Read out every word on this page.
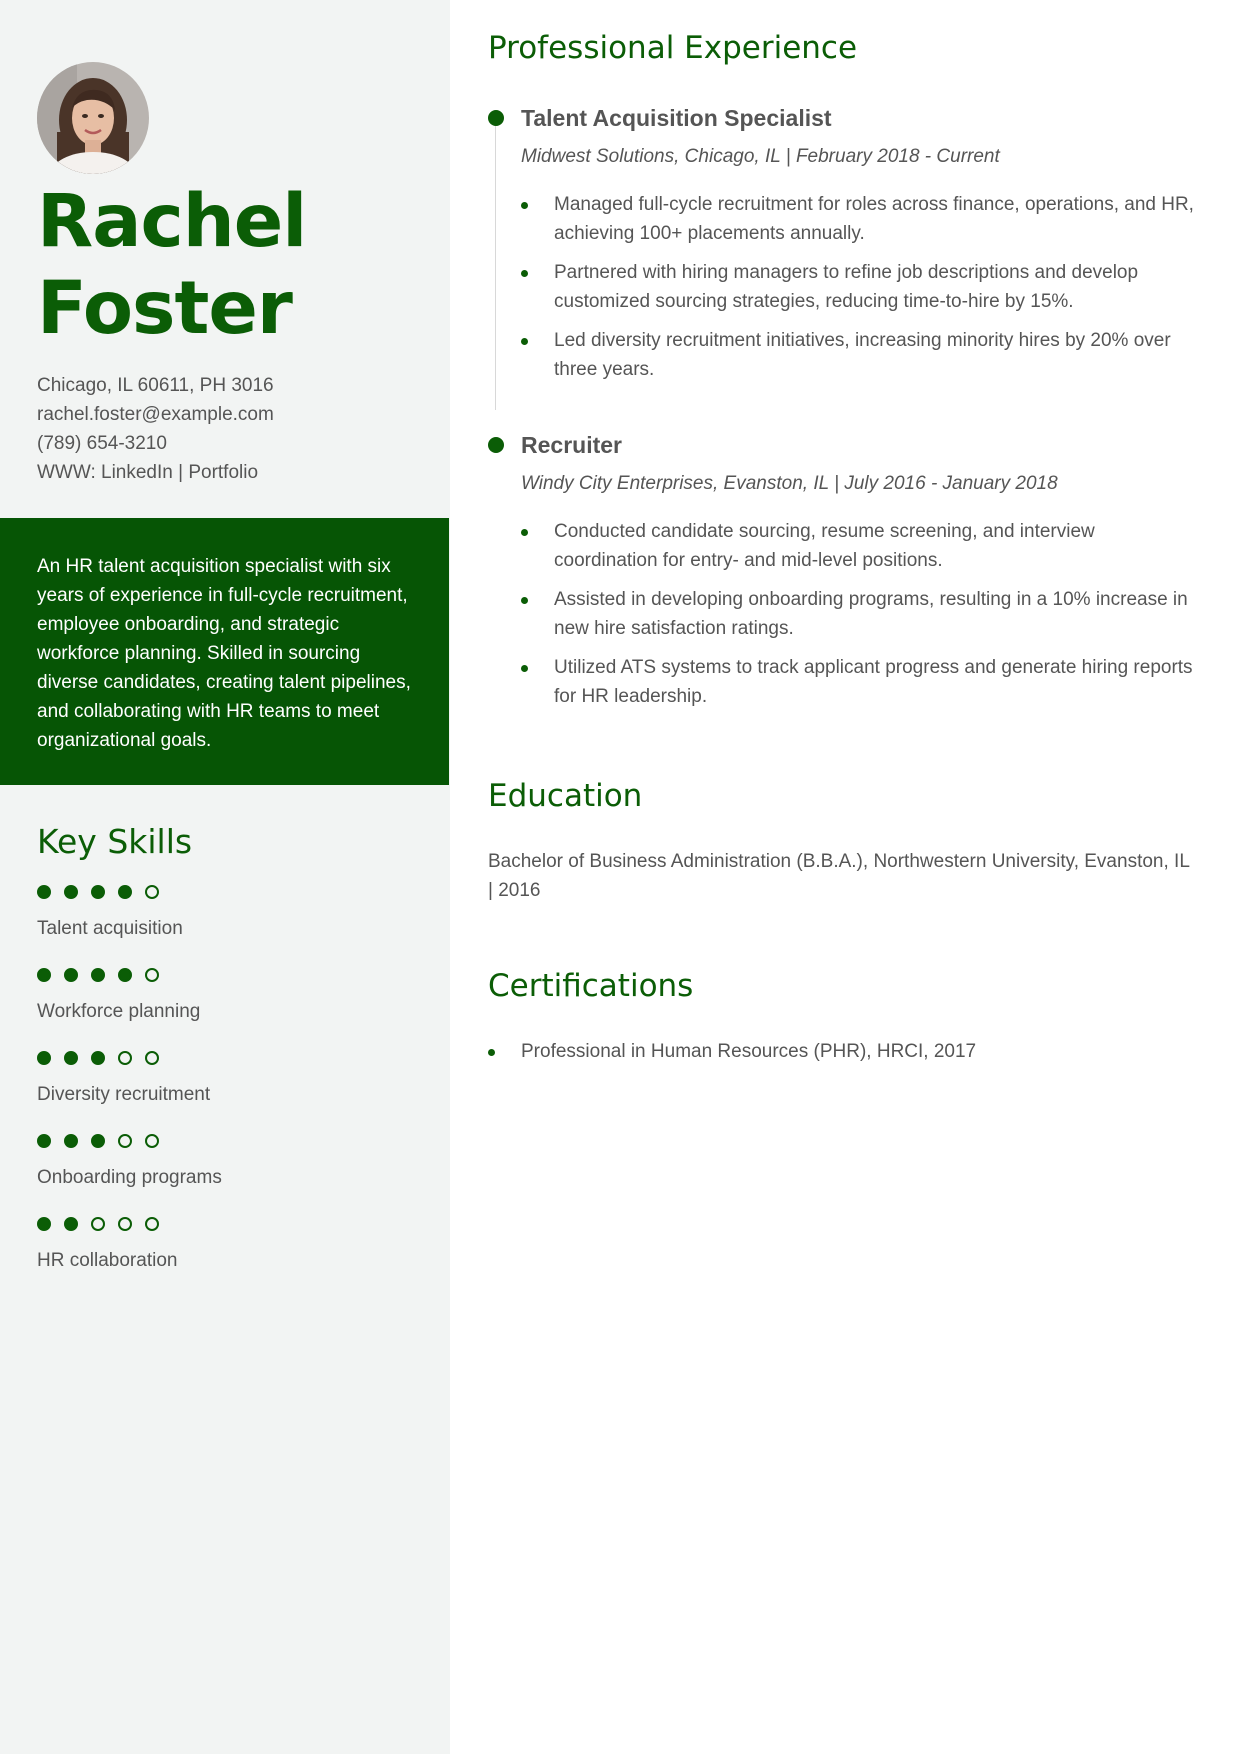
Rachel
Foster
Chicago, IL 60611, PH 3016
rachel.foster@example.com
(789) 654-3210
WWW: LinkedIn | Portfolio
An HR talent acquisition specialist with six years of experience in full-cycle recruitment, employee onboarding, and strategic workforce planning. Skilled in sourcing diverse candidates, creating talent pipelines, and collaborating with HR teams to meet organizational goals.
Key Skills
Talent acquisition
Workforce planning
Diversity recruitment
Onboarding programs
HR collaboration
Professional Experience
Talent Acquisition Specialist
Midwest Solutions, Chicago, IL | February 2018 - Current
Managed full-cycle recruitment for roles across finance, operations, and HR, achieving 100+ placements annually.
Partnered with hiring managers to refine job descriptions and develop customized sourcing strategies, reducing time-to-hire by 15%.
Led diversity recruitment initiatives, increasing minority hires by 20% over three years.
Recruiter
Windy City Enterprises, Evanston, IL | July 2016 - January 2018
Conducted candidate sourcing, resume screening, and interview coordination for entry- and mid-level positions.
Assisted in developing onboarding programs, resulting in a 10% increase in new hire satisfaction ratings.
Utilized ATS systems to track applicant progress and generate hiring reports for HR leadership.
Education
Bachelor of Business Administration (B.B.A.), Northwestern University, Evanston, IL | 2016
Certifications
Professional in Human Resources (PHR), HRCI, 2017
